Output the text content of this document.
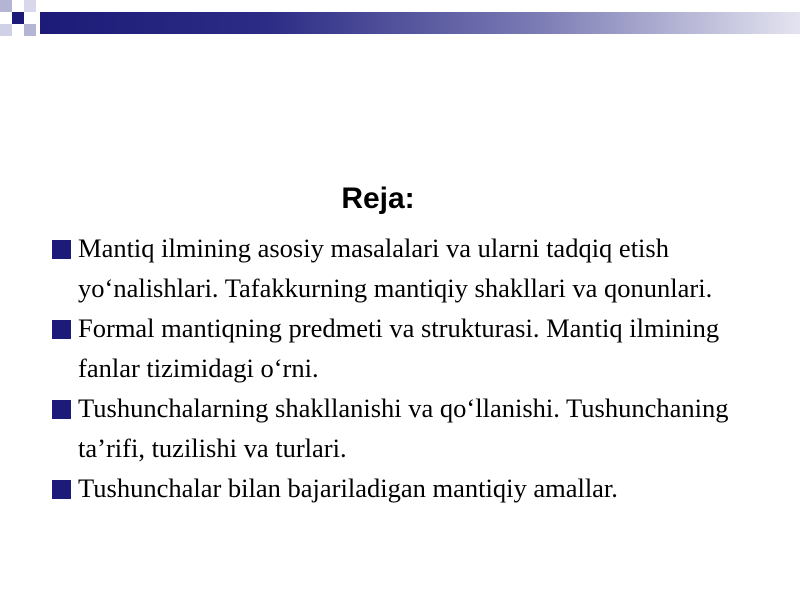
Reja:
Mantiq ilmining asosiy masalalari va ularni tadqiq etish yo‘nalishlari. Tafakkurning mantiqiy shakllari va qonunlari.
Formal mantiqning predmeti va strukturasi. Mantiq ilmining fanlar tizimidagi o‘rni.
Tushunchalarning shakllanishi va qo‘llanishi. Tushunchaning ta’rifi, tuzilishi va turlari.
Tushunchalar bilan bajariladigan mantiqiy amallar.
